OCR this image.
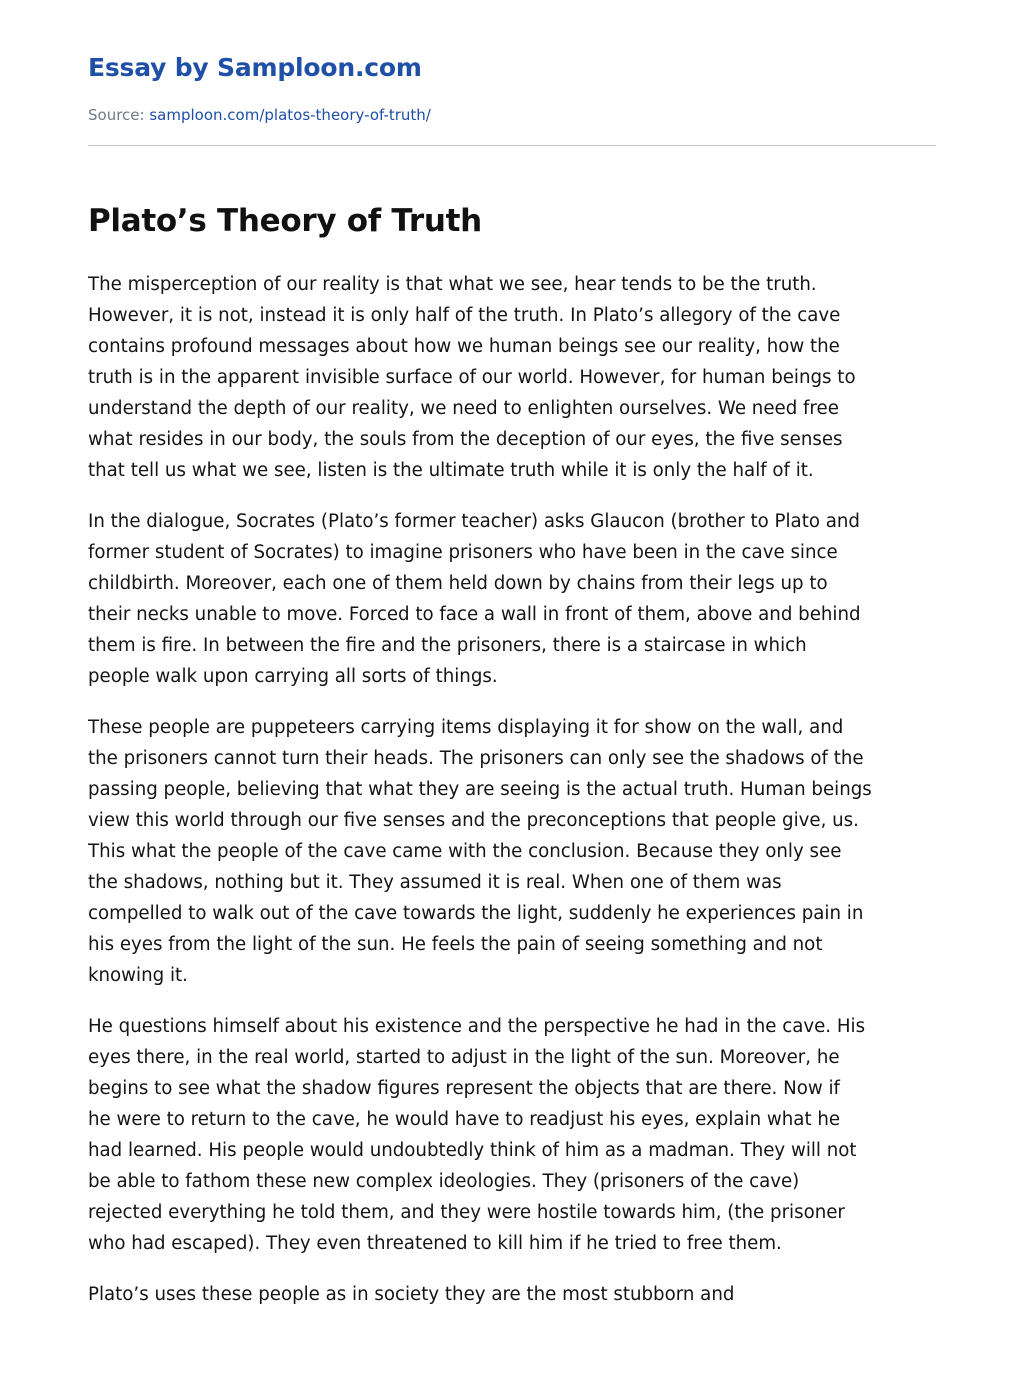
Essay by Samploon.com
Source: samploon.com/platos-theory-of-truth/
Plato’s Theory of Truth

The misperception of our reality is that what we see, hear tends to be the truth.
However, it is not, instead it is only half of the truth. In Plato’s allegory of the cave
contains profound messages about how we human beings see our reality, how the
truth is in the apparent invisible surface of our world. However, for human beings to
understand the depth of our reality, we need to enlighten ourselves. We need free
what resides in our body, the souls from the deception of our eyes, the five senses
that tell us what we see, listen is the ultimate truth while it is only the half of it.

In the dialogue, Socrates (Plato’s former teacher) asks Glaucon (brother to Plato and
former student of Socrates) to imagine prisoners who have been in the cave since
childbirth. Moreover, each one of them held down by chains from their legs up to
their necks unable to move. Forced to face a wall in front of them, above and behind
them is fire. In between the fire and the prisoners, there is a staircase in which
people walk upon carrying all sorts of things.

These people are puppeteers carrying items displaying it for show on the wall, and
the prisoners cannot turn their heads. The prisoners can only see the shadows of the
passing people, believing that what they are seeing is the actual truth. Human beings
view this world through our five senses and the preconceptions that people give, us.
This what the people of the cave came with the conclusion. Because they only see
the shadows, nothing but it. They assumed it is real. When one of them was
compelled to walk out of the cave towards the light, suddenly he experiences pain in
his eyes from the light of the sun. He feels the pain of seeing something and not
knowing it.

He questions himself about his existence and the perspective he had in the cave. His
eyes there, in the real world, started to adjust in the light of the sun. Moreover, he
begins to see what the shadow figures represent the objects that are there. Now if
he were to return to the cave, he would have to readjust his eyes, explain what he
had learned. His people would undoubtedly think of him as a madman. They will not
be able to fathom these new complex ideologies. They (prisoners of the cave)
rejected everything he told them, and they were hostile towards him, (the prisoner
who had escaped). They even threatened to kill him if he tried to free them.

Plato’s uses these people as in society they are the most stubborn and
